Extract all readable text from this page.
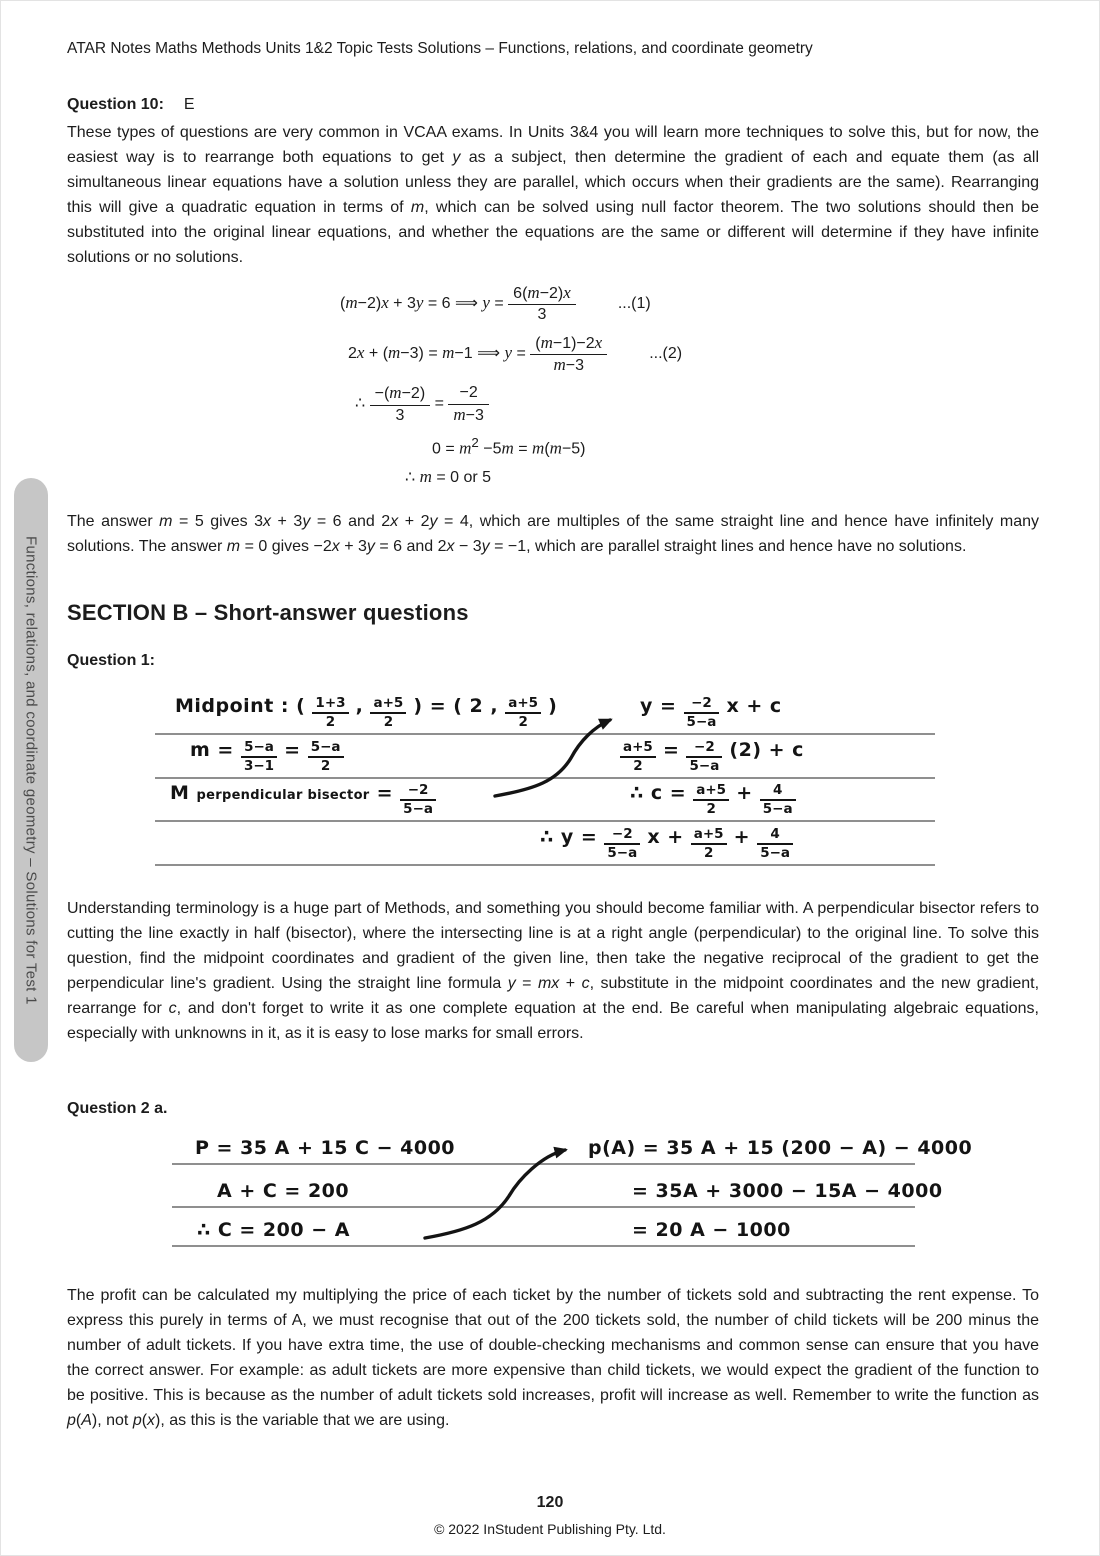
ATAR Notes Maths Methods Units 1&2 Topic Tests Solutions – Functions, relations, and coordinate geometry
Question 10: E
These types of questions are very common in VCAA exams. In Units 3&4 you will learn more techniques to solve this, but for now, the easiest way is to rearrange both equations to get y as a subject, then determine the gradient of each and equate them (as all simultaneous linear equations have a solution unless they are parallel, which occurs when their gradients are the same). Rearranging this will give a quadratic equation in terms of m, which can be solved using null factor theorem. The two solutions should then be substituted into the original linear equations, and whether the equations are the same or different will determine if they have infinite solutions or no solutions.
(m−2)x + 3y = 6 ⟹ $y = \frac{6(m-2)x}{3}$	...(1)
2x + (m−3) = m−1 ⟹ $y = \frac{(m-1)-2x}{m-3}$	...(2)
∴ $\frac{-(m-2)}{3} = \frac{-2}{m-3}$
$0 = m^2 -5m = m(m-5)$
∴ m = 0 or 5
The answer m = 5 gives 3x + 3y = 6 and 2x + 2y = 4, which are multiples of the same straight line and hence have infinitely many solutions. The answer m = 0 gives −2x + 3y = 6 and 2x − 3y = −1, which are parallel straight lines and hence have no solutions.
SECTION B – Short-answer questions
Question 1:
Midpoint : ( $\frac{1+3}{2}$ , $\frac{a+5}{2}$ ) = ( 2 , $\frac{a+5}{2}$ )
$m = \frac{5-a}{3-1} = \frac{5-a}{2}$
M perpendicular bisector = $\frac{-2}{5-a}$
$y = \frac{-2}{5-a}$ x + c
$\frac{a+5}{2} = \frac{-2}{5-a} (2) + c$
∴ $c = \frac{a+5}{2} + \frac{4}{5-a}$
∴ $y = \frac{-2}{5-a}$ $x + \frac{a+5}{2} + \frac{4}{5-a}$
Understanding terminology is a huge part of Methods, and something you should become familiar with. A perpendicular bisector refers to cutting the line exactly in half (bisector), where the intersecting line is at a right angle (perpendicular) to the original line. To solve this question, find the midpoint coordinates and gradient of the given line, then take the negative reciprocal of the gradient to get the perpendicular line's gradient. Using the straight line formula y = mx + c, substitute in the midpoint coordinates and the new gradient, rearrange for c, and don't forget to write it as one complete equation at the end. Be careful when manipulating algebraic equations, especially with unknowns in it, as it is easy to lose marks for small errors.
Question 2 a.
P = 35 A + 15 C − 4000
A + C = 200
∴ C = 200 − A
p(A) = 35 A + 15 (200 − A) − 4000
= 35A + 3000 − 15A − 4000
= 20 A − 1000
The profit can be calculated my multiplying the price of each ticket by the number of tickets sold and subtracting the rent expense. To express this purely in terms of A, we must recognise that out of the 200 tickets sold, the number of child tickets will be 200 minus the number of adult tickets. If you have extra time, the use of double-checking mechanisms and common sense can ensure that you have the correct answer. For example: as adult tickets are more expensive than child tickets, we would expect the gradient of the function to be positive. This is because as the number of adult tickets sold increases, profit will increase as well. Remember to write the function as p(A), not p(x), as this is the variable that we are using.
Functions, relations, and coordinate geometry – Solutions for Test 1
120
© 2022 InStudent Publishing Pty. Ltd.
